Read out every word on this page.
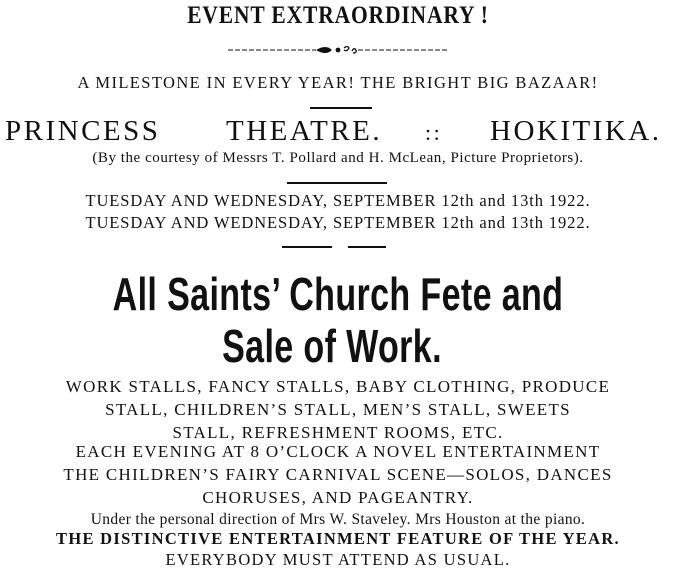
EVENT EXTRAORDINARY !
A MILESTONE IN EVERY YEAR! THE BRIGHT BIG BAZAAR!
PRINCESS THEATRE. :: HOKITIKA.
(By the courtesy of Messrs T. Pollard and H. McLean, Picture Proprietors).
TUESDAY AND WEDNESDAY, SEPTEMBER 12th and 13th 1922.
TUESDAY AND WEDNESDAY, SEPTEMBER 12th and 13th 1922.
All Saints’ Church Fete and
Sale of Work.
WORK STALLS, FANCY STALLS, BABY CLOTHING, PRODUCE
STALL, CHILDREN’S STALL, MEN’S STALL, SWEETS
STALL, REFRESHMENT ROOMS, ETC.
EACH EVENING AT 8 O’CLOCK A NOVEL ENTERTAINMENT
THE CHILDREN’S FAIRY CARNIVAL SCENE—SOLOS, DANCES
CHORUSES, AND PAGEANTRY.
Under the personal direction of Mrs W. Staveley. Mrs Houston at the piano.
THE DISTINCTIVE ENTERTAINMENT FEATURE OF THE YEAR.
EVERYBODY MUST ATTEND AS USUAL.
